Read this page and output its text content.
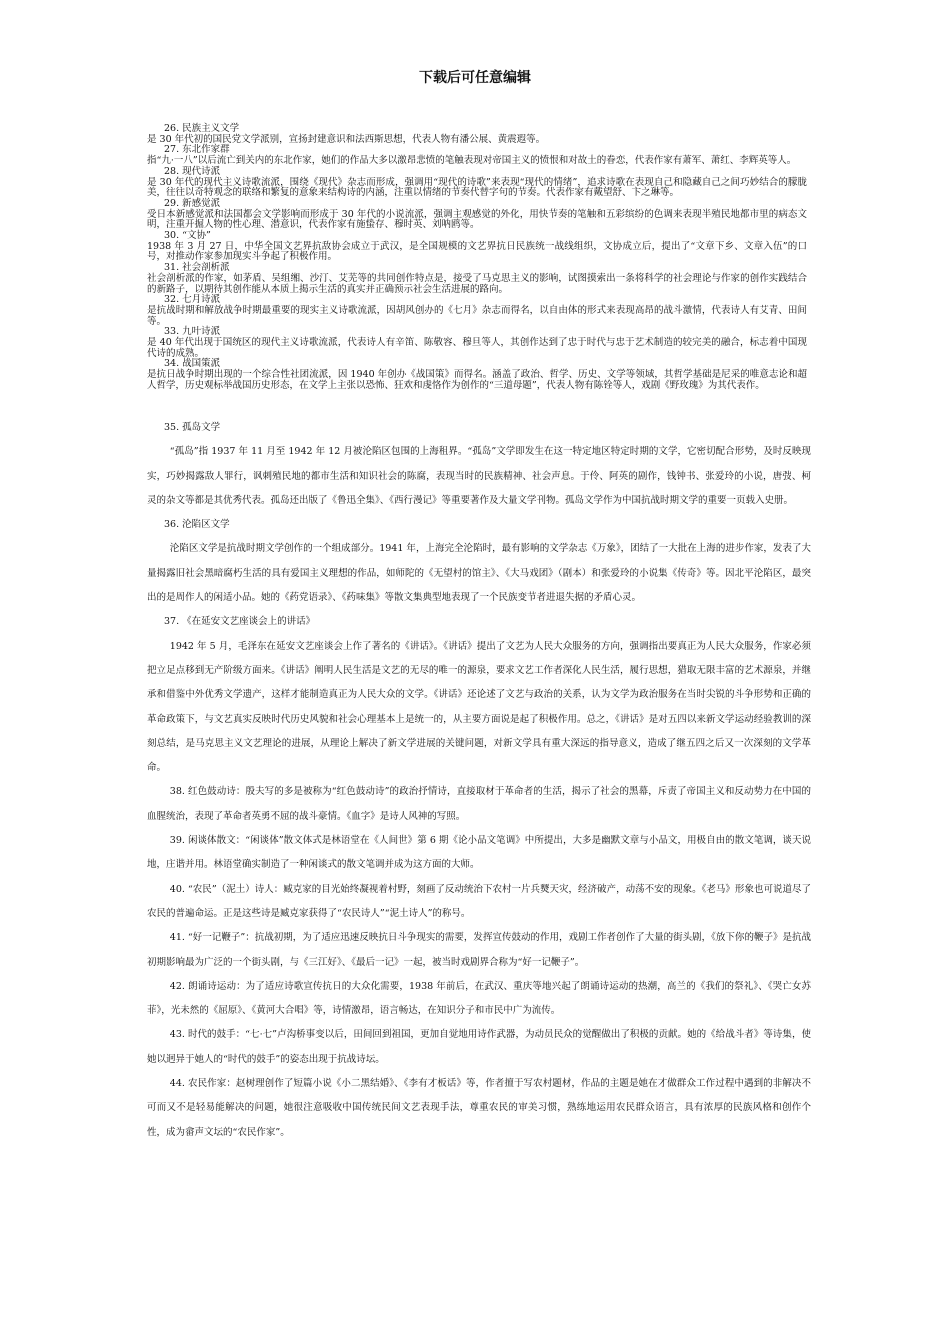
下载后可任意编辑

26. 民族主义文学

是 30 年代初的国民党文学派别，宣扬封建意识和法西斯思想，代表人物有潘公展、黄震遐等。

27. 东北作家群

指“九·一八”以后流亡到关内的东北作家，她们的作品大多以激昂悲愤的笔触表现对帝国主义的愤恨和对故土的眷恋，代表作家有萧军、萧红、李辉英等人。

28. 现代诗派

是 30 年代的现代主义诗歌流派，围绕《现代》杂志而形成，强调用“现代的诗歌”来表现“现代的情绪”，追求诗歌在表现自己和隐藏自己之间巧妙结合的朦胧美，往往以奇特观念的联络和繁复的意象来结构诗的内涵，注重以情绪的节奏代替字句的节奏。代表作家有戴望舒、卞之琳等。

29. 新感觉派

受日本新感觉派和法国都会文学影响而形成于 30 年代的小说流派，强调主观感觉的外化，用快节奏的笔触和五彩缤纷的色调来表现半殖民地都市里的病态文明，注重开掘人物的性心理、潜意识，代表作家有施蛰存、穆时英、刘呐鸥等。

30. “文协”

1938 年 3 月 27 日，中华全国文艺界抗敌协会成立于武汉，是全国规模的文艺界抗日民族统一战线组织，文协成立后，提出了“文章下乡、文章入伍”的口号，对推动作家参加现实斗争起了积极作用。

31. 社会剖析派

社会剖析派的作家，如茅盾、吴组缃、沙汀、艾芜等的共同创作特点是，接受了马克思主义的影响，试图摸索出一条将科学的社会理论与作家的创作实践结合的新路子，以期待其创作能从本质上揭示生活的真实并正确预示社会生活进展的路向。

32. 七月诗派

是抗战时期和解放战争时期最重要的现实主义诗歌流派，因胡风创办的《七月》杂志而得名，以自由体的形式来表现高昂的战斗激情，代表诗人有艾青、田间等。

33. 九叶诗派

是 40 年代出现于国统区的现代主义诗歌流派，代表诗人有辛笛、陈敬容、穆旦等人，其创作达到了忠于时代与忠于艺术制造的较完美的融合，标志着中国现代诗的成熟。

34. 战国策派

是抗日战争时期出现的一个综合性社团流派，因 1940 年创办《战国策》而得名。涵盖了政治、哲学、历史、文学等领域，其哲学基础是尼采的唯意志论和超人哲学，历史观标举战国历史形态，在文学上主张以恐怖、狂欢和虔恪作为创作的“三道母题”，代表人物有陈铨等人，戏剧《野玫瑰》为其代表作。

35. 孤岛文学

“孤岛”指 1937 年 11 月至 1942 年 12 月被沦陷区包围的上海租界。“孤岛”文学即发生在这一特定地区特定时期的文学，它密切配合形势，及时反映现实，巧妙揭露敌人罪行，讽刺殖民地的都市生活和知识社会的陈腐，表现当时的民族精神、社会声息。于伶、阿英的剧作，钱钟书、张爱玲的小说，唐弢、柯灵的杂文等都是其优秀代表。孤岛还出版了《鲁迅全集》、《西行漫记》等重要著作及大量文学刊物。孤岛文学作为中国抗战时期文学的重要一页载入史册。

36. 沦陷区文学

沦陷区文学是抗战时期文学创作的一个组成部分。1941 年，上海完全沦陷时，最有影响的文学杂志《万象》，团结了一大批在上海的进步作家，发表了大量揭露旧社会黑暗腐朽生活的具有爱国主义理想的作品，如师陀的《无望村的馆主》、《大马戏团》（剧本）和张爱玲的小说集《传奇》等。因北平沦陷区，最突出的是周作人的闲适小品。她的《药党语录》、《药味集》等散文集典型地表现了一个民族变节者进退失据的矛盾心灵。

37. 《在延安文艺座谈会上的讲话》

1942 年 5 月，毛泽东在延安文艺座谈会上作了著名的《讲话》。《讲话》提出了文艺为人民大众服务的方向，强调指出要真正为人民大众服务，作家必须把立足点移到无产阶级方面来。《讲话》阐明人民生活是文艺的无尽的唯一的源泉，要求文艺工作者深化人民生活，履行思想，猎取无限丰富的艺术源泉，并继承和借鉴中外优秀文学遗产，这样才能制造真正为人民大众的文学。《讲话》还论述了文艺与政治的关系，认为文学为政治服务在当时尖锐的斗争形势和正确的革命政策下，与文艺真实反映时代历史风貌和社会心理基本上是统一的，从主要方面说是起了积极作用。总之，《讲话》是对五四以来新文学运动经验教训的深刻总结，是马克思主义文艺理论的进展，从理论上解决了新文学进展的关键问题，对新文学具有重大深远的指导意义，造成了继五四之后又一次深刻的文学革命。

38. 红色鼓动诗：殷夫写的多是被称为“红色鼓动诗”的政治抒情诗，直接取材于革命者的生活，揭示了社会的黑幕，斥责了帝国主义和反动势力在中国的血腥统治，表现了革命者英勇不屈的战斗豪情。《血字》是诗人风神的写照。

39. 闲谈体散文：“闲谈体”散文体式是林语堂在《人间世》第 6 期《论小品文笔调》中所提出，大多是幽默文章与小品文，用极自由的散文笔调，谈天说地，庄谐并用。林语堂确实制造了一种闲谈式的散文笔调并成为这方面的大师。

40. “农民”（泥土）诗人：臧克家的目光始终凝视着村野，刻画了反动统治下农村一片兵燹天灾，经济破产，动荡不安的现象。《老马》形象也可说道尽了农民的普遍命运。正是这些诗是臧克家获得了“农民诗人”“泥土诗人”的称号。

41. “好一记鞭子”：抗战初期，为了适应迅速反映抗日斗争现实的需要，发挥宣传鼓动的作用，戏剧工作者创作了大量的街头剧，《放下你的鞭子》是抗战初期影响最为广泛的一个街头剧，与《三江好》、《最后一记》一起，被当时戏剧界合称为“好一记鞭子”。

42. 朗诵诗运动：为了适应诗歌宣传抗日的大众化需要，1938 年前后，在武汉、重庆等地兴起了朗诵诗运动的热潮，高兰的《我们的祭礼》、《哭亡女苏菲》，光未然的《屈原》、《黄河大合唱》等，诗情激昂，语言畅达，在知识分子和市民中广为流传。

43. 时代的鼓手：“七·七”卢沟桥事变以后，田间回到祖国，更加自觉地用诗作武器，为动员民众的觉醒做出了积极的贡献。她的《给战斗者》等诗集，使她以迥异于她人的“时代的鼓手”的姿态出现于抗战诗坛。

44. 农民作家：赵树理创作了短篇小说《小二黑结婚》、《李有才板话》等，作者擅于写农村题材，作品的主题是她在才做群众工作过程中遇到的非解决不可而又不是轻易能解决的问题，她很注意吸收中国传统民间文艺表现手法，尊重农民的审美习惯，熟练地运用农民群众语言，具有浓厚的民族风格和创作个性，成为畲声文坛的“农民作家”。
